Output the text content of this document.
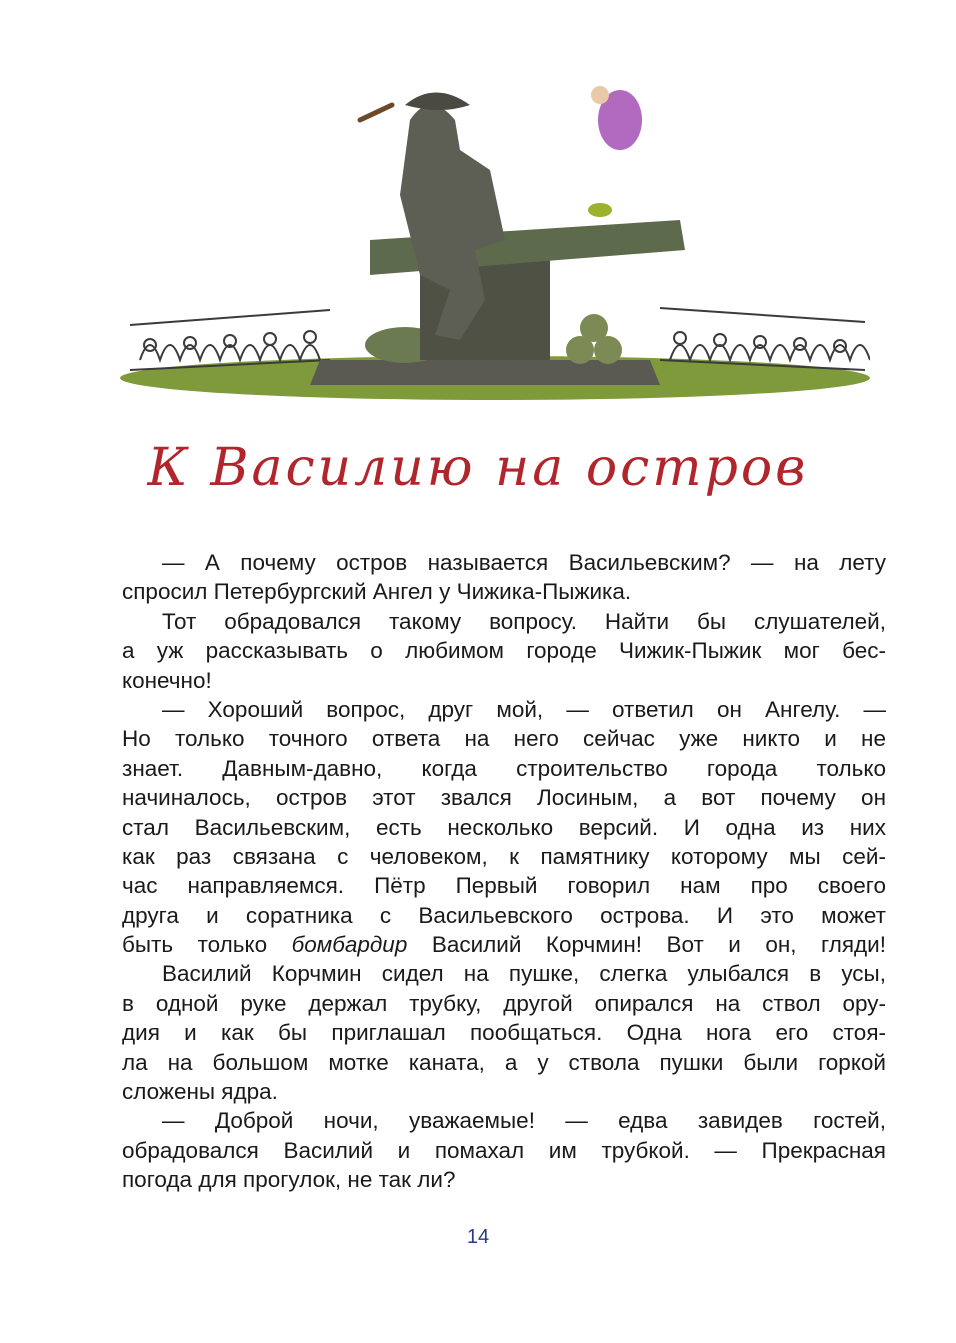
К Василию на остров
— А почему остров называется Васильевским? — на лету
спросил Петербургский Ангел у Чижика-Пыжика.
Тот обрадовался такому вопросу. Найти бы слушателей,
а уж рассказывать о любимом городе Чижик-Пыжик мог бес-
конечно!
— Хороший вопрос, друг мой, — ответил он Ангелу. —
Но только точного ответа на него сейчас уже никто и не
знает. Давным-давно, когда строительство города только
начиналось, остров этот звался Лосиным, а вот почему он
стал Васильевским, есть несколько версий. И одна из них
как раз связана с человеком, к памятнику которому мы сей-
час направляемся. Пётр Первый говорил нам про своего
друга и соратника с Васильевского острова. И это может
быть только бомбардир Василий Корчмин! Вот и он, гляди!
Василий Корчмин сидел на пушке, слегка улыбался в усы,
в одной руке держал трубку, другой опирался на ствол ору-
дия и как бы приглашал пообщаться. Одна нога его стоя-
ла на большом мотке каната, а у ствола пушки были горкой
сложены ядра.
— Доброй ночи, уважаемые! — едва завидев гостей,
обрадовался Василий и помахал им трубкой. — Прекрасная
погода для прогулок, не так ли?
14
